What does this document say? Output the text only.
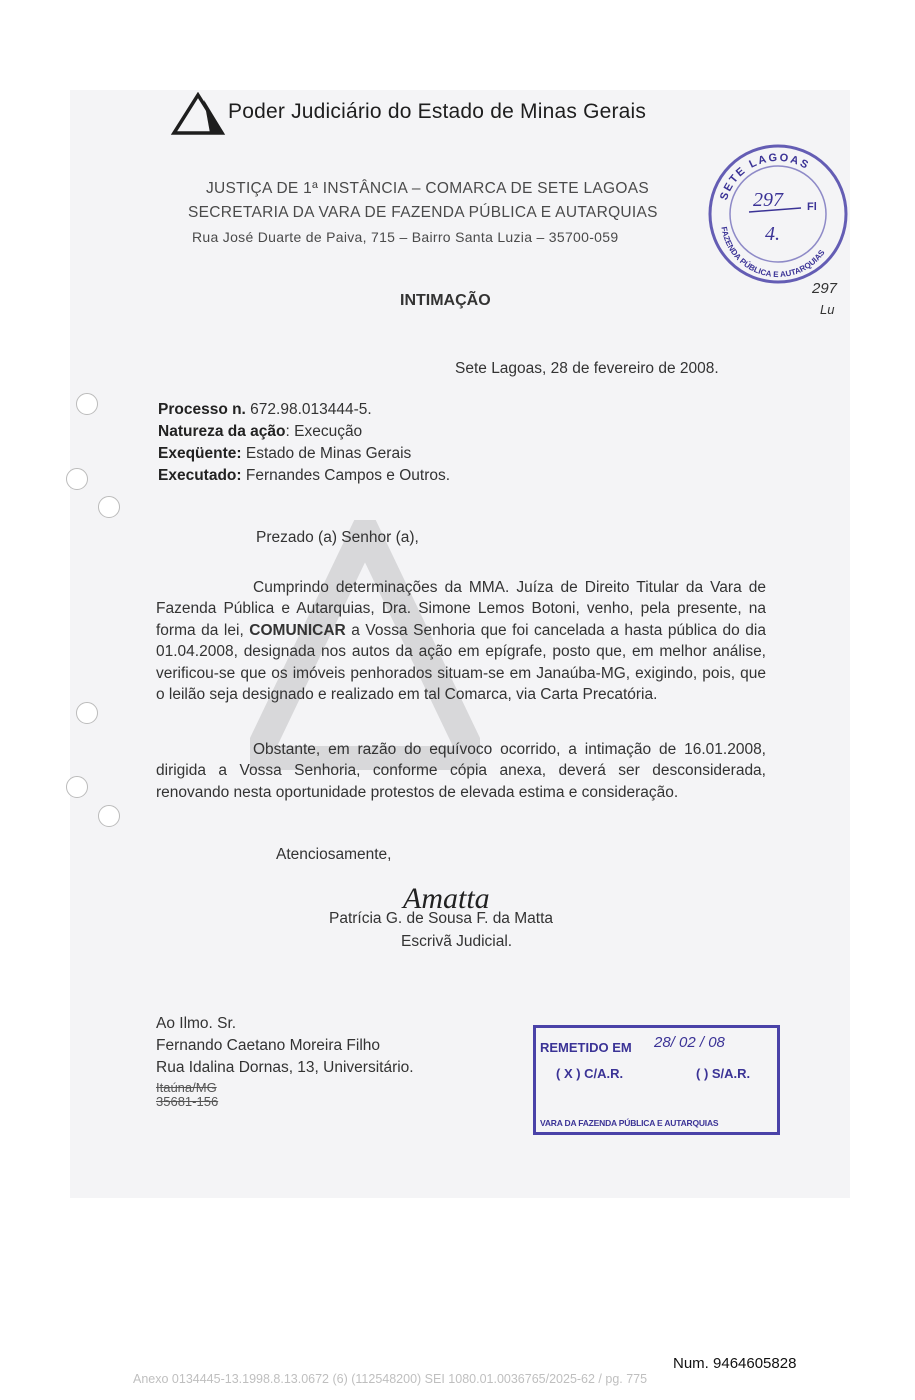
Poder Judiciário do Estado de Minas Gerais
JUSTIÇA DE 1ª INSTÂNCIA – COMARCA DE SETE LAGOAS
SECRETARIA DA VARA DE FAZENDA PÚBLICA E AUTARQUIAS
Rua José Duarte de Paiva, 715 – Bairro Santa Luzia – 35700-059
SETE LAGOAS
FAZENDA PÚBLICA E AUTARQUIAS
297 Fl
4.
297
Lu
INTIMAÇÃO
Sete Lagoas, 28 de fevereiro de 2008.
Processo n. 672.98.013444-5.
Natureza da ação: Execução
Exeqüente: Estado de Minas Gerais
Executado: Fernandes Campos e Outros.
Prezado (a) Senhor (a),
Cumprindo determinações da MMA. Juíza de Direito Titular da Vara de Fazenda Pública e Autarquias, Dra. Simone Lemos Botoni, venho, pela presente, na forma da lei, COMUNICAR a Vossa Senhoria que foi cancelada a hasta pública do dia 01.04.2008, designada nos autos da ação em epígrafe, posto que, em melhor análise, verificou-se que os imóveis penhorados situam-se em Janaúba-MG, exigindo, pois, que o leilão seja designado e realizado em tal Comarca, via Carta Precatória.
Obstante, em razão do equívoco ocorrido, a intimação de 16.01.2008, dirigida a Vossa Senhoria, conforme cópia anexa, deverá ser desconsiderada, renovando nesta oportunidade protestos de elevada estima e consideração.
Atenciosamente,
Amatta
Patrícia G. de Sousa F. da Matta
Escrivã Judicial.
Ao Ilmo. Sr.
Fernando Caetano Moreira Filho
Rua Idalina Dornas, 13, Universitário.
Itaúna/MG
35681-156
REMETIDO EM 28/ 02 / 08
( X ) C/A.R.	( ) S/A.R.
VARA DA FAZENDA PÚBLICA E AUTARQUIAS
Num. 9464605828
Anexo 0134445-13.1998.8.13.0672 (6) (112548200) SEI 1080.01.0036765/2025-62 / pg. 775
